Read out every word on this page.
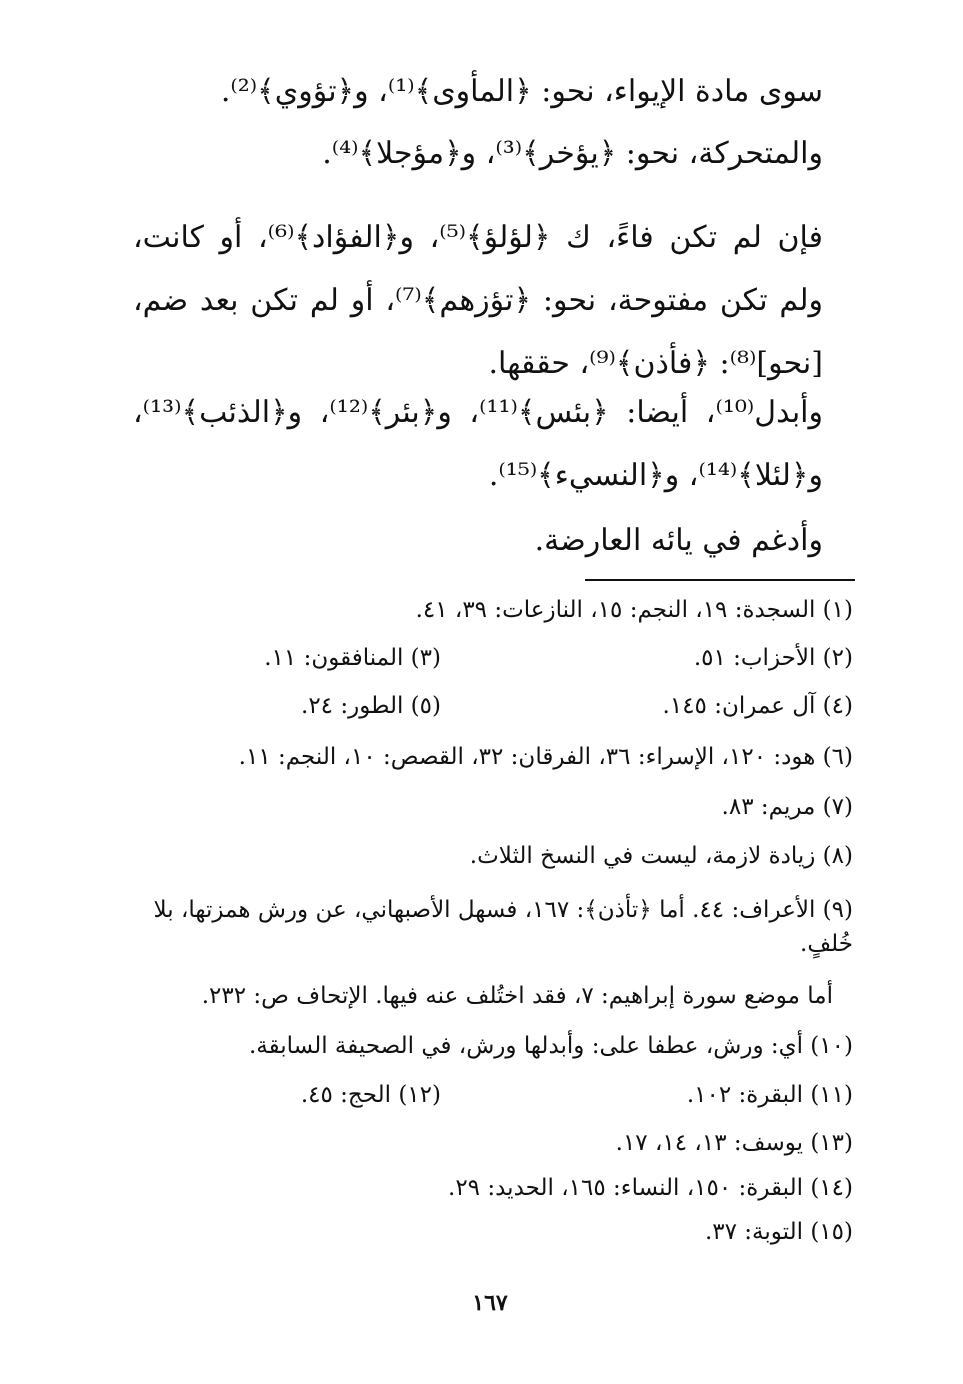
سوى مادة الإيواء، نحو: ﴿المأوى﴾⁽¹⁾، و﴿تؤوي﴾⁽²⁾.

والمتحركة، نحو: ﴿يؤخر﴾⁽³⁾، و﴿مؤجلا﴾⁽⁴⁾.

فإن لم تكن فاءً، ك ﴿لؤلؤ﴾⁽⁵⁾، و﴿الفؤاد﴾⁽⁶⁾، أو كانت، ولم تكن مفتوحة، نحو: ﴿تؤزهم﴾⁽⁷⁾، أو لم تكن بعد ضم، [نحو]⁽⁸⁾: ﴿فأذن﴾⁽⁹⁾، حققها.

وأبدل⁽¹⁰⁾، أيضا: ﴿بئس﴾⁽¹¹⁾، و﴿بئر﴾⁽¹²⁾، و﴿الذئب﴾⁽¹³⁾، و﴿لئلا﴾⁽¹⁴⁾، و﴿النسيء﴾⁽¹⁵⁾.

وأدغم في يائه العارضة.

(١) السجدة: ١٩، النجم: ١٥، النازعات: ٣٩، ٤١.
(٢) الأحزاب: ٥١.
(٣) المنافقون: ١١.
(٤) آل عمران: ١٤٥.
(٥) الطور: ٢٤.
(٦) هود: ١٢٠، الإسراء: ٣٦، الفرقان: ٣٢، القصص: ١٠، النجم: ١١.
(٧) مريم: ٨٣.
(٨) زيادة لازمة، ليست في النسخ الثلاث.
(٩) الأعراف: ٤٤. أما ﴿تأذن﴾: ١٦٧، فسهل الأصبهاني، عن ورش همزتها، بلا خُلفٍ.
أما موضع سورة إبراهيم: ٧، فقد اختُلف عنه فيها. الإتحاف ص: ٢٣٢.
(١٠) أي: ورش، عطفا على: وأبدلها ورش، في الصحيفة السابقة.
(١١) البقرة: ١٠٢.
(١٢) الحج: ٤٥.
(١٣) يوسف: ١٣، ١٤، ١٧.
(١٤) البقرة: ١٥٠، النساء: ١٦٥، الحديد: ٢٩.
(١٥) التوبة: ٣٧.
١٦٧
